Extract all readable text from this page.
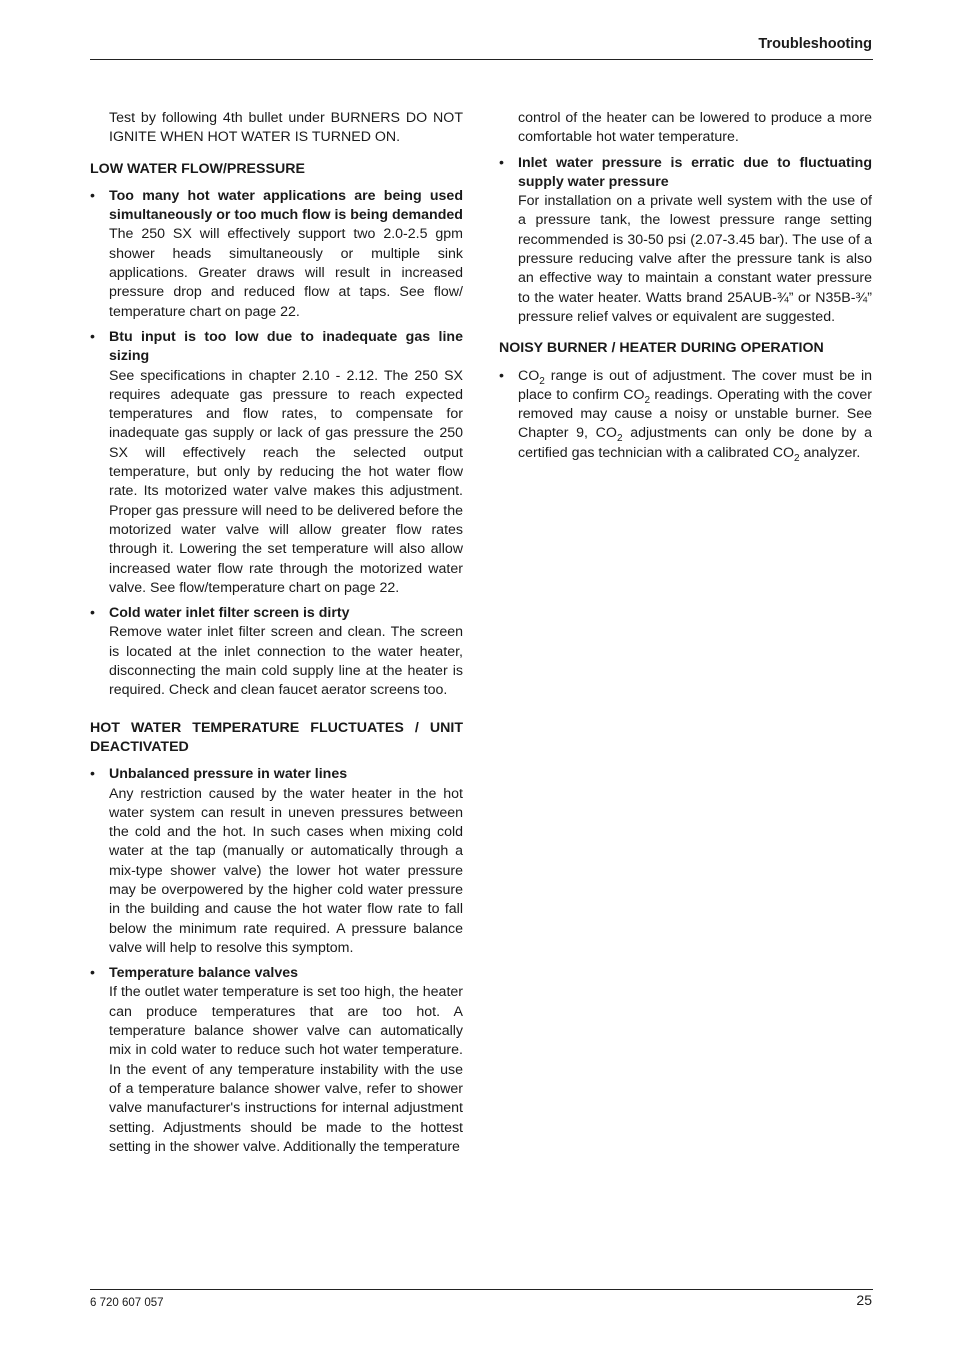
Troubleshooting

Test by following 4th bullet under BURNERS DO NOT IGNITE WHEN HOT WATER IS TURNED ON.

LOW WATER FLOW/PRESSURE
• Too many hot water applications are being used simultaneously or too much flow is being demanded

The 250 SX will effectively support two 2.0-2.5 gpm shower heads simultaneously or multiple sink applications. Greater draws will result in increased pressure drop and reduced flow at taps. See flow/ temperature chart on page 22.

• Btu input is too low due to inadequate gas line sizing

See specifications in chapter 2.10 - 2.12. The 250 SX requires adequate gas pressure to reach expected temperatures and flow rates, to compensate for inadequate gas supply or lack of gas pressure the 250 SX will effectively reach the selected output temperature, but only by reducing the hot water flow rate. Its motorized water valve makes this adjustment. Proper gas pressure will need to be delivered before the motorized water valve will allow greater flow rates through it. Lowering the set temperature will also allow increased water flow rate through the motorized water valve. See flow/temperature chart on page 22.

• Cold water inlet filter screen is dirty

Remove water inlet filter screen and clean. The screen is located at the inlet connection to the water heater, disconnecting the main cold supply line at the heater is required. Check and clean faucet aerator screens too.

HOT WATER TEMPERATURE FLUCTUATES / UNIT DEACTIVATED
• Unbalanced pressure in water lines

Any restriction caused by the water heater in the hot water system can result in uneven pressures between the cold and the hot. In such cases when mixing cold water at the tap (manually or automatically through a mix-type shower valve) the lower hot water pressure may be overpowered by the higher cold water pressure in the building and cause the hot water flow rate to fall below the minimum rate required. A pressure balance valve will help to resolve this symptom.

• Temperature balance valves

If the outlet water temperature is set too high, the heater can produce temperatures that are too hot. A temperature balance shower valve can automatically mix in cold water to reduce such hot water temperature. In the event of any temperature instability with the use of a temperature balance shower valve, refer to shower valve manufacturer's instructions for internal adjustment setting. Adjustments should be made to the hottest setting in the shower valve. Additionally the temperature

control of the heater can be lowered to produce a more comfortable hot water temperature.

• Inlet water pressure is erratic due to fluctuating supply water pressure

For installation on a private well system with the use of a pressure tank, the lowest pressure range setting recommended is 30-50 psi (2.07-3.45 bar). The use of a pressure reducing valve after the pressure tank is also an effective way to maintain a constant water pressure to the water heater. Watts brand 25AUB-¾” or N35B-¾” pressure relief valves or equivalent are suggested.

NOISY BURNER / HEATER DURING OPERATION
• $CO_2$ range is out of adjustment. The cover must be in place to confirm $CO_2$ readings. Operating with the cover removed may cause a noisy or unstable burner. See Chapter 9, $CO_2$ adjustments can only be done by a certified gas technician with a calibrated $CO_2$ analyzer.

6 720 607 057	25
